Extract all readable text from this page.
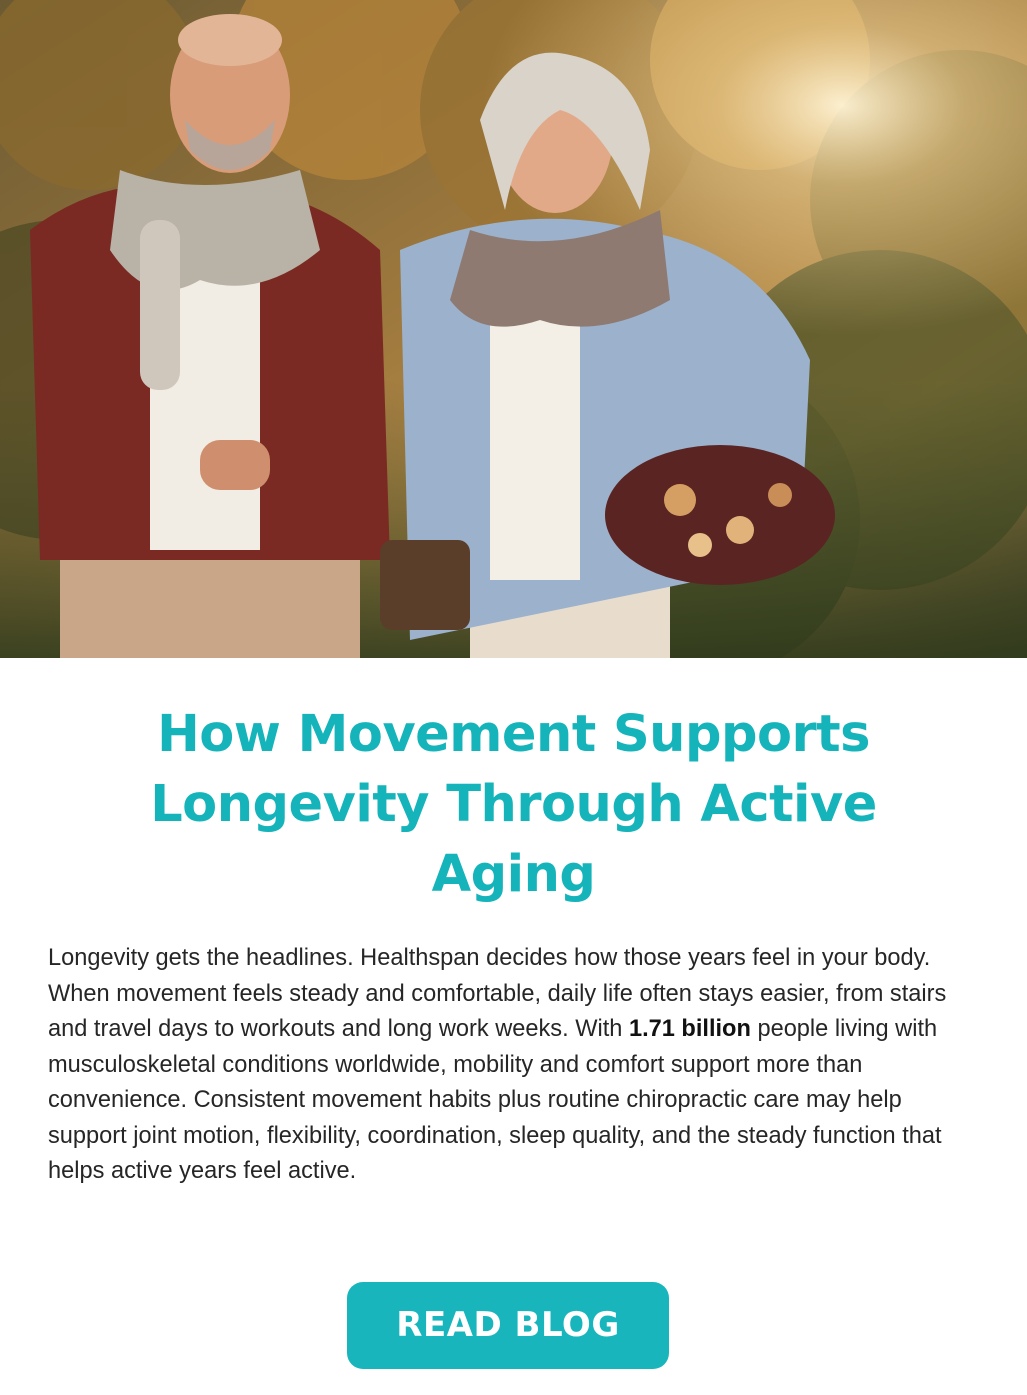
How Movement Supports Longevity Through Active Aging

Longevity gets the headlines. Healthspan decides how those years feel in your body. When movement feels steady and comfortable, daily life often stays easier, from stairs and travel days to workouts and long work weeks. With 1.71 billion people living with musculoskeletal conditions worldwide, mobility and comfort support more than convenience. Consistent movement habits plus routine chiropractic care may help support joint motion, flexibility, coordination, sleep quality, and the steady function that helps active years feel active.

READ BLOG
